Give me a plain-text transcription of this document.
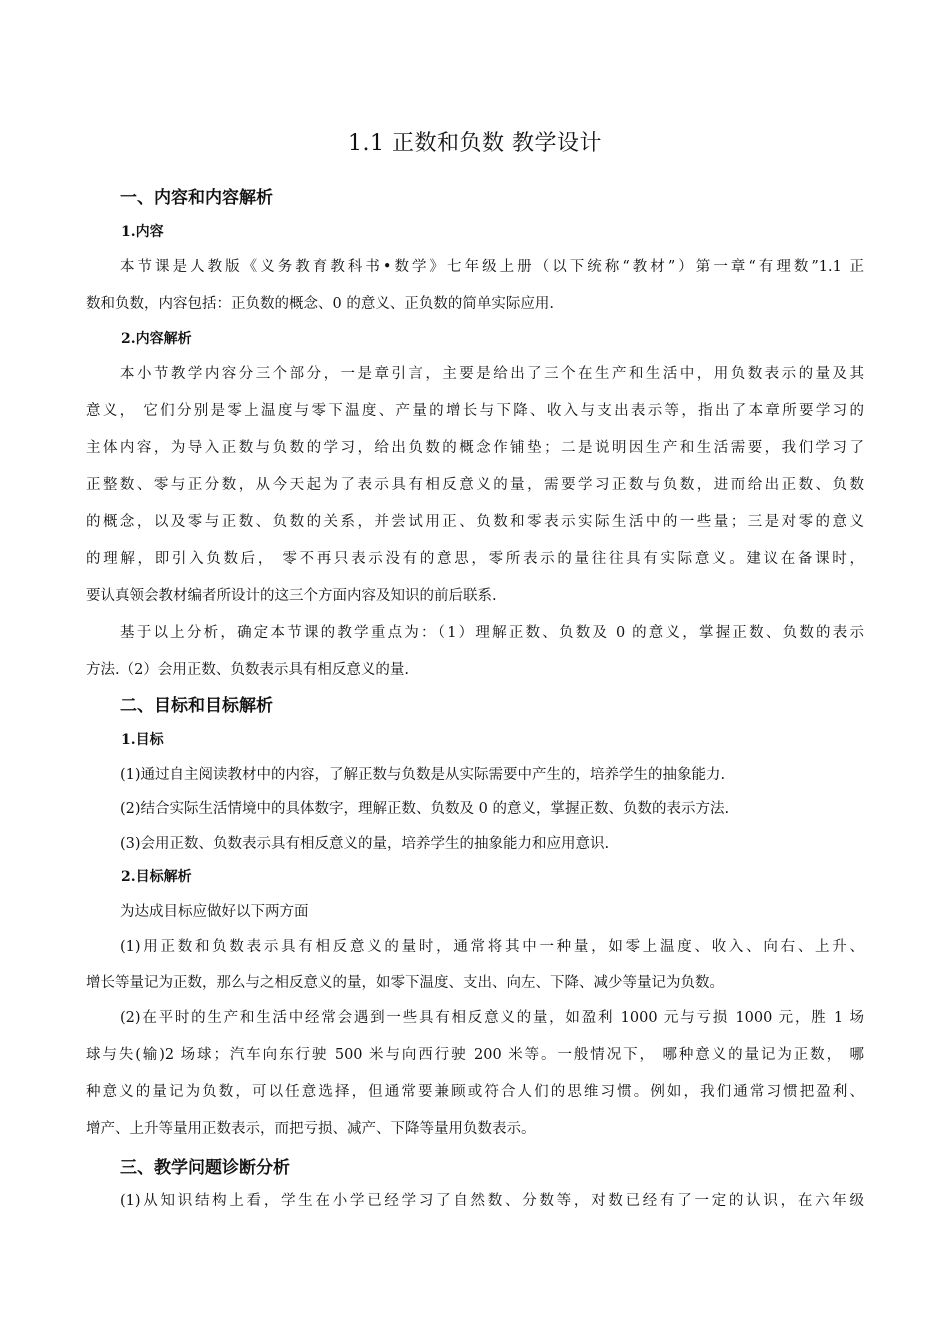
1.1 正数和负数 教学设计
一、内容和内容解析
1.内容
本节课是人教版《义务教育教科书•数学》七年级上册（以下统称“教材”）第一章“有理数”1.1 正
数和负数，内容包括：正负数的概念、0 的意义、正负数的简单实际应用.
2.内容解析
本小节教学内容分三个部分，一是章引言，主要是给出了三个在生产和生活中，用负数表示的量及其
意义， 它们分别是零上温度与零下温度、产量的增长与下降、收入与支出表示等，指出了本章所要学习的
主体内容，为导入正数与负数的学习，给出负数的概念作铺垫；二是说明因生产和生活需要，我们学习了
正整数、零与正分数，从今天起为了表示具有相反意义的量，需要学习正数与负数，进而给出正数、负数
的概念，以及零与正数、负数的关系，并尝试用正、负数和零表示实际生活中的一些量；三是对零的意义
的理解，即引入负数后， 零不再只表示没有的意思，零所表示的量往往具有实际意义。建议在备课时，
要认真领会教材编者所设计的这三个方面内容及知识的前后联系.
基于以上分析，确定本节课的教学重点为：（1）理解正数、负数及 0 的意义，掌握正数、负数的表示
方法.（2）会用正数、负数表示具有相反意义的量.
二、目标和目标解析
1.目标
(1)通过自主阅读教材中的内容，了解正数与负数是从实际需要中产生的，培养学生的抽象能力.
(2)结合实际生活情境中的具体数字，理解正数、负数及 0 的意义，掌握正数、负数的表示方法.
(3)会用正数、负数表示具有相反意义的量，培养学生的抽象能力和应用意识.
2.目标解析
为达成目标应做好以下两方面
(1)用正数和负数表示具有相反意义的量时，通常将其中一种量，如零上温度、收入、向右、上升、
增长等量记为正数，那么与之相反意义的量，如零下温度、支出、向左、下降、减少等量记为负数。
(2)在平时的生产和生活中经常会遇到一些具有相反意义的量，如盈利 1000 元与亏损 1000 元，胜 1 场
球与失(输)2 场球；汽车向东行驶 500 米与向西行驶 200 米等。一般情况下， 哪种意义的量记为正数， 哪
种意义的量记为负数，可以任意选择，但通常要兼顾或符合人们的思维习惯。例如，我们通常习惯把盈利、
增产、上升等量用正数表示，而把亏损、减产、下降等量用负数表示。
三、教学问题诊断分析
(1)从知识结构上看，学生在小学已经学习了自然数、分数等，对数已经有了一定的认识，在六年级
